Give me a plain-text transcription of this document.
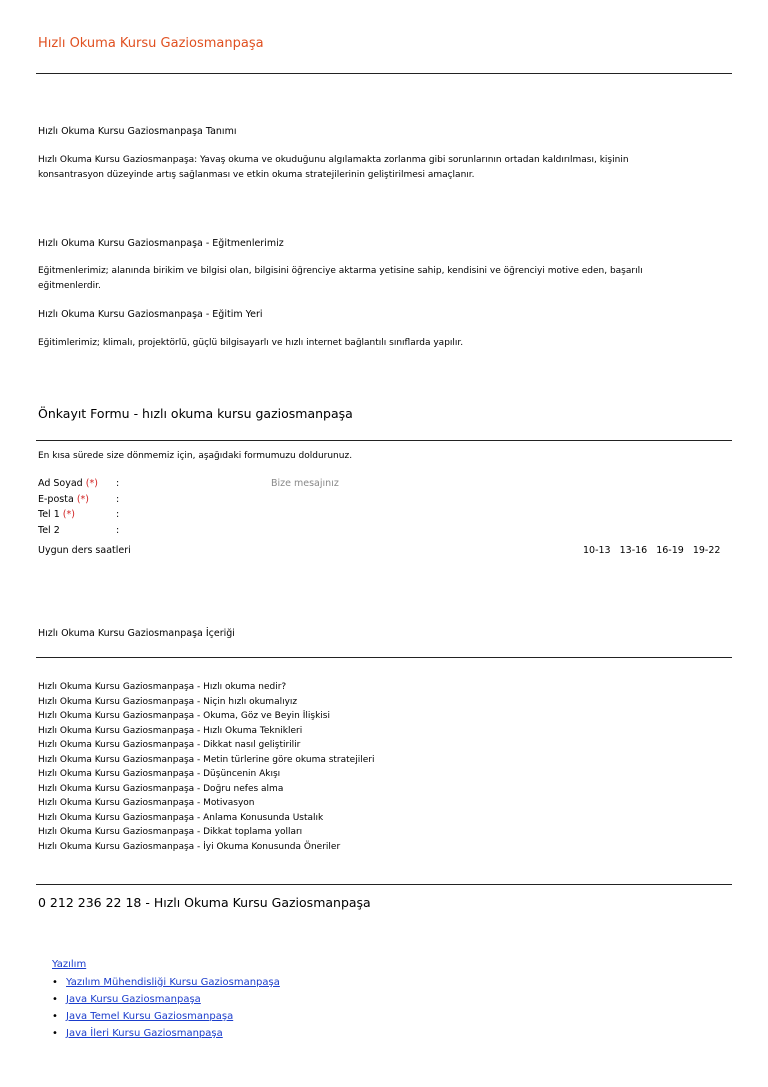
Hızlı Okuma Kursu Gaziosmanpaşa
Hızlı Okuma Kursu Gaziosmanpaşa Tanımı
Hızlı Okuma Kursu Gaziosmanpaşa: Yavaş okuma ve okuduğunu algılamakta zorlanma gibi sorunlarının ortadan kaldırılması, kişinin
konsantrasyon düzeyinde artış sağlanması ve etkin okuma stratejilerinin geliştirilmesi amaçlanır.
Hızlı Okuma Kursu Gaziosmanpaşa - Eğitmenlerimiz
Eğitmenlerimiz; alanında birikim ve bilgisi olan, bilgisini öğrenciye aktarma yetisine sahip, kendisini ve öğrenciyi motive eden, başarılı
eğitmenlerdir.
Hızlı Okuma Kursu Gaziosmanpaşa - Eğitim Yeri
Eğitimlerimiz; klimalı, projektörlü, güçlü bilgisayarlı ve hızlı internet bağlantılı sınıflarda yapılır.
Önkayıt Formu - hızlı okuma kursu gaziosmanpaşa
En kısa sürede size dönmemiz için, aşağıdaki formumuzu doldurunuz.
Ad Soyad (*) :
E-posta (*)	:
Tel 1 (*)	:
Tel 2	:
Bize mesajınız
Uygun ders saatleri	10-13 13-16 16-19 19-22
Hızlı Okuma Kursu Gaziosmanpaşa İçeriği
Hızlı Okuma Kursu Gaziosmanpaşa - Hızlı okuma nedir?
Hızlı Okuma Kursu Gaziosmanpaşa - Niçin hızlı okumalıyız
Hızlı Okuma Kursu Gaziosmanpaşa - Okuma, Göz ve Beyin İlişkisi
Hızlı Okuma Kursu Gaziosmanpaşa - Hızlı Okuma Teknikleri
Hızlı Okuma Kursu Gaziosmanpaşa - Dikkat nasıl geliştirilir
Hızlı Okuma Kursu Gaziosmanpaşa - Metin türlerine göre okuma stratejileri
Hızlı Okuma Kursu Gaziosmanpaşa - Düşüncenin Akışı
Hızlı Okuma Kursu Gaziosmanpaşa - Doğru nefes alma
Hızlı Okuma Kursu Gaziosmanpaşa - Motivasyon
Hızlı Okuma Kursu Gaziosmanpaşa - Anlama Konusunda Ustalık
Hızlı Okuma Kursu Gaziosmanpaşa - Dikkat toplama yolları
Hızlı Okuma Kursu Gaziosmanpaşa - İyi Okuma Konusunda Öneriler
0 212 236 22 18 - Hızlı Okuma Kursu Gaziosmanpaşa
Yazılım
• Yazılım Mühendisliği Kursu Gaziosmanpaşa
• Java Kursu Gaziosmanpaşa
• Java Temel Kursu Gaziosmanpaşa
• Java İleri Kursu Gaziosmanpaşa
